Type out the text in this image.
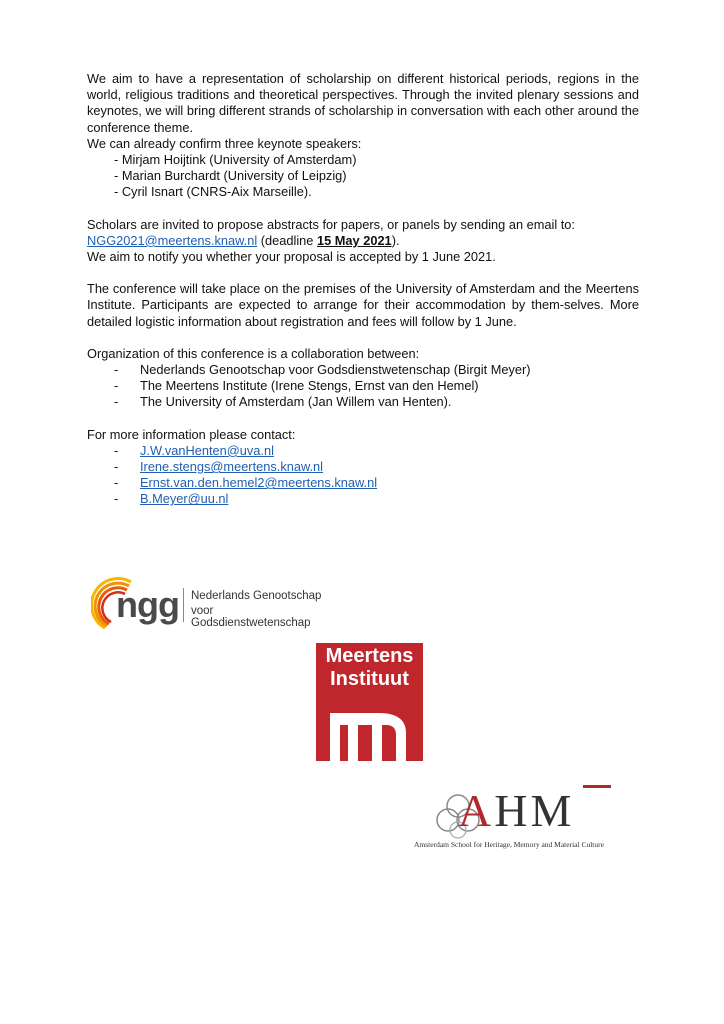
We aim to have a representation of scholarship on different historical periods, regions in the world, religious traditions and theoretical perspectives. Through the invited plenary sessions and keynotes, we will bring different strands of scholarship in conversation with each other around the conference theme.

We can already confirm three keynote speakers:

- Mirjam Hoijtink (University of Amsterdam)
- Marian Burchardt (University of Leipzig)
- Cyril Isnart (CNRS-Aix Marseille).

Scholars are invited to propose abstracts for papers, or panels by sending an email to:

NGG2021@meertens.knaw.nl (deadline 15 May 2021).

We aim to notify you whether your proposal is accepted by 1 June 2021.

The conference will take place on the premises of the University of Amsterdam and the Meertens Institute. Participants are expected to arrange for their accommodation by them-selves. More detailed logistic information about registration and fees will follow by 1 June.

Organization of this conference is a collaboration between:

-	Nederlands Genootschap voor Godsdienstwetenschap (Birgit Meyer)
-	The Meertens Institute (Irene Stengs, Ernst van den Hemel)
-	The University of Amsterdam (Jan Willem van Henten).

For more information please contact:

-	J.W.vanHenten@uva.nl
-	Irene.stengs@meertens.knaw.nl
-	Ernst.van.den.hemel2@meertens.knaw.nl
-	B.Meyer@uu.nl
ngg Nederlands Genootschap
voor Godsdienstwetenschap
Meertens
Instituut
AHM
Amsterdam School for Heritage, Memory and Material Culture
